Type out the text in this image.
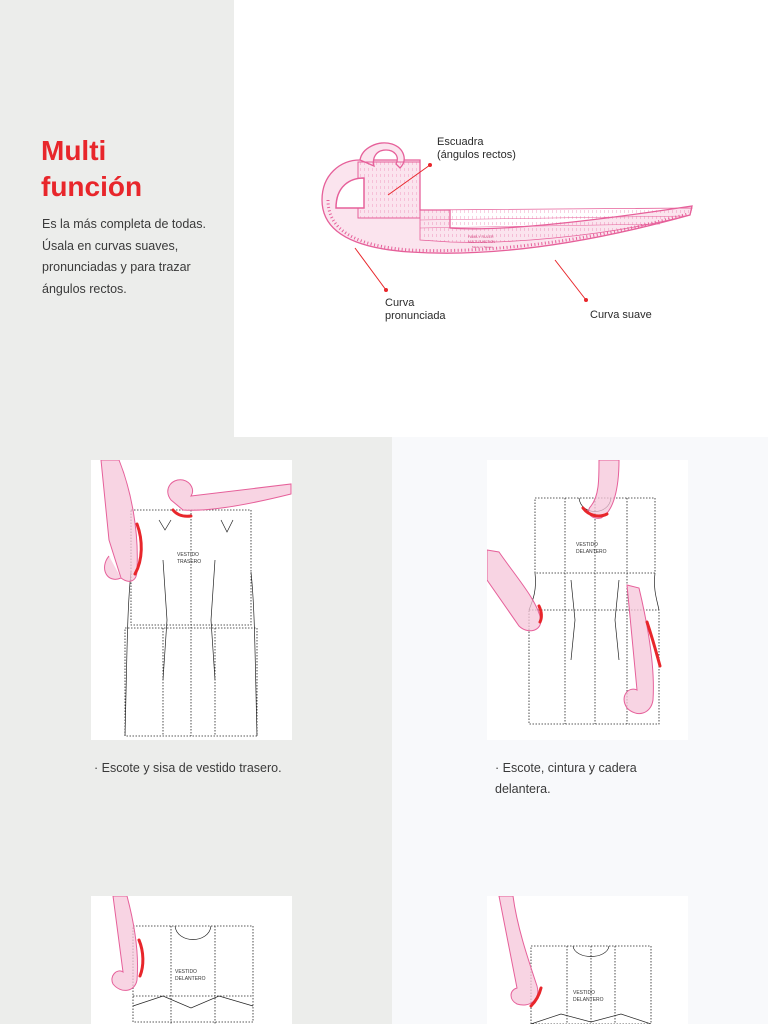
Multi
función

Es la más completa de todas. Úsala en curvas suaves, pronunciadas y para trazar ángulos rectos.

FAMILY RULER
MULTI-FUNCTION
Made in Taiwan
Escuadra
(ángulos rectos)
Curva
pronunciada	Curva suave
VESTIDO
TRASERO

· Escote y sisa de vestido trasero.

VESTIDO
DELANTERO

· Escote, cintura y cadera delantera.

VESTIDO
DELANTERO
VESTIDO
DELANTERO
